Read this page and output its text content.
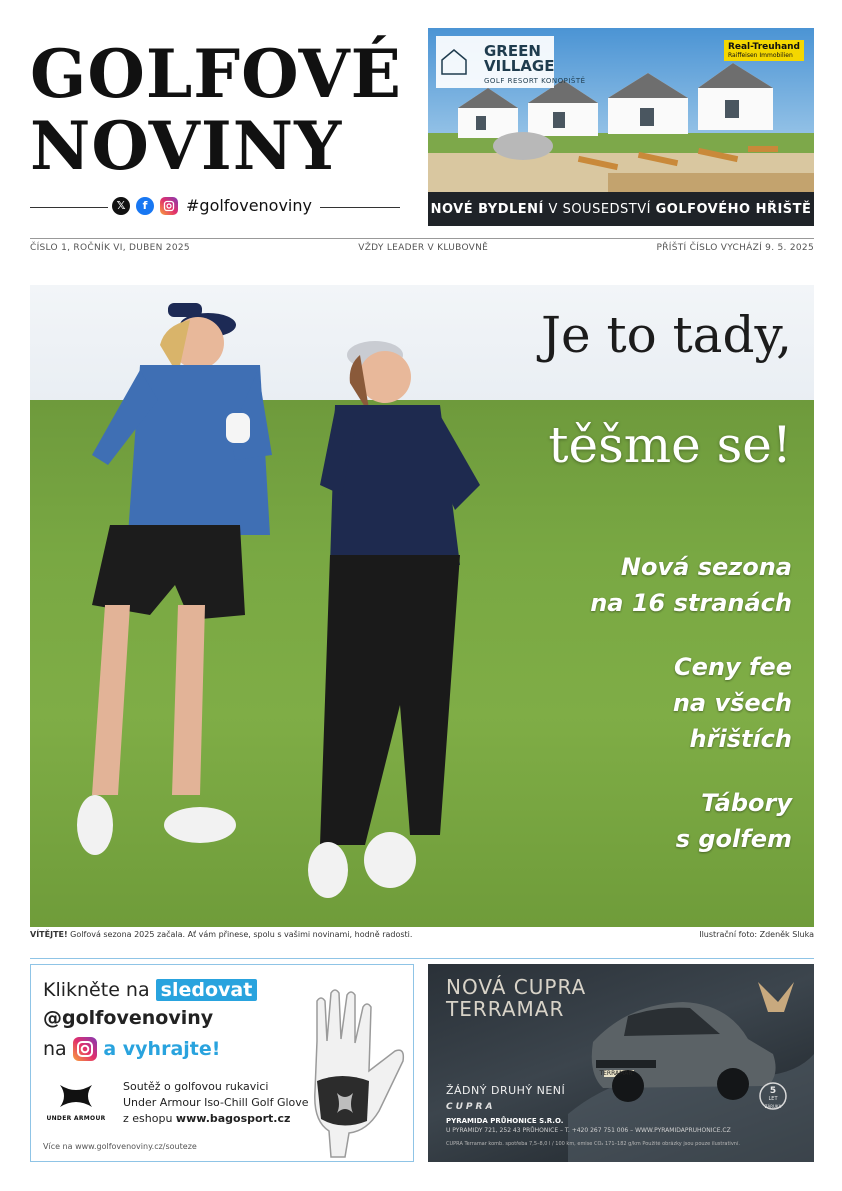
GOLFOVÉ
NOVINY
𝕏	f	#golfovenoviny
GREEN
VILLAGE
GOLF RESORT KONOPIŠTĚ
Real-Treuhand
Raiffeisen Immobilien
NOVÉ BYDLENÍ V SOUSEDSTVÍ GOLFOVÉHO HŘIŠTĚ
ČÍSLO 1, ROČNÍK VI, DUBEN 2025	VŽDY LEADER V KLUBOVNĚ	PŘÍŠTÍ ČÍSLO VYCHÁZÍ 9. 5. 2025
Je to tady,
těšme se!
Nová sezona
na 16 stranách
Ceny fee
na všech
hřištích
Tábory
s golfem
VÍTĚJTE! Golfová sezona 2025 začala. Ať vám přinese, spolu s vašimi novinami, hodně radosti.	Ilustrační foto: Zdeněk Sluka
Klikněte na sledovat
@golfovenoviny
na a vyhrajte!
UNDER ARMOUR
Soutěž o golfovou rukavici
Under Armour Iso-Chill Golf Glove
z eshopu www.bagosport.cz
Více na www.golfovenoviny.cz/souteze
NOVÁ CUPRA
TERRAMAR
TERRAMAR
5
LET
ZÁRUKA
ŽÁDNÝ DRUHÝ NENÍ
CUPRA
PYRAMIDA PRŮHONICE S.R.O.
U PYRAMIDY 721, 252 43 PRŮHONICE – T. +420 267 751 006 – WWW.PYRAMIDAPRUHONICE.CZ
CUPRA Terramar komb. spotřeba 7,5–8,0 l / 100 km, emise CO₂ 171–182 g/km Použité obrázky jsou pouze ilustrativní.
